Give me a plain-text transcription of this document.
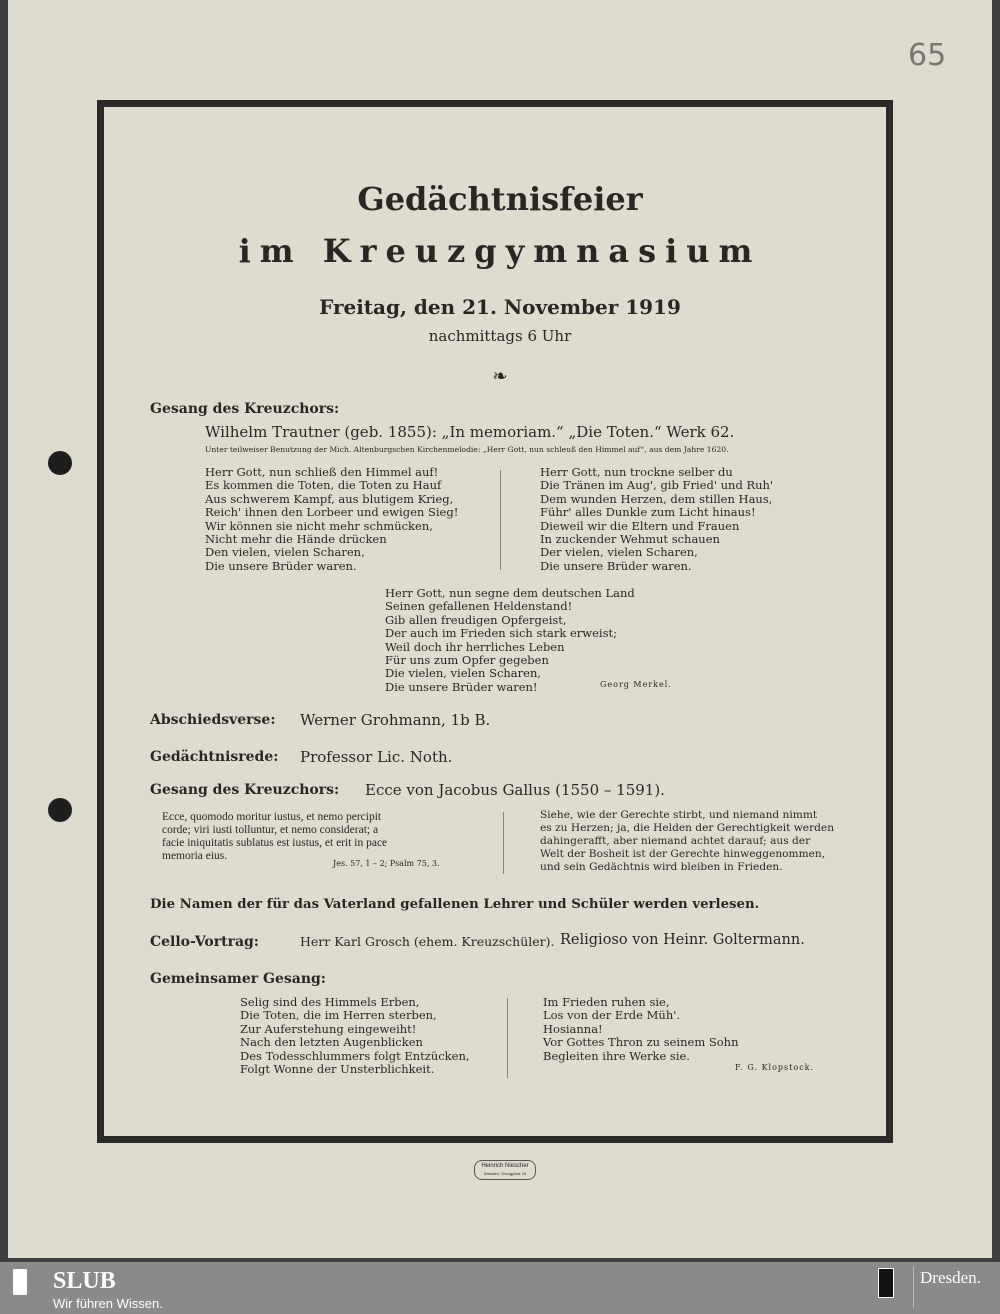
65
Gedächtnisfeier
im Kreuzgymnasium
Freitag, den 21. November 1919
nachmittags 6 Uhr
❧
Gesang des Kreuzchors:
Wilhelm Trautner (geb. 1855): „In memoriam.“ „Die Toten.“ Werk 62.
Unter teilweiser Benutzung der Mich. Altenburgschen Kirchenmelodie: „Herr Gott, nun schleuß den Himmel auf“, aus dem Jahre 1620.
Herr Gott, nun schließ den Himmel auf!
Es kommen die Toten, die Toten zu Hauf
Aus schwerem Kampf, aus blutigem Krieg,
Reich' ihnen den Lorbeer und ewigen Sieg!
Wir können sie nicht mehr schmücken,
Nicht mehr die Hände drücken
Den vielen, vielen Scharen,
Die unsere Brüder waren.
Herr Gott, nun trockne selber du
Die Tränen im Aug', gib Fried' und Ruh'
Dem wunden Herzen, dem stillen Haus,
Führ' alles Dunkle zum Licht hinaus!
Dieweil wir die Eltern und Frauen
In zuckender Wehmut schauen
Der vielen, vielen Scharen,
Die unsere Brüder waren.
Herr Gott, nun segne dem deutschen Land
Seinen gefallenen Heldenstand!
Gib allen freudigen Opfergeist,
Der auch im Frieden sich stark erweist;
Weil doch ihr herrliches Leben
Für uns zum Opfer gegeben
Die vielen, vielen Scharen,
Die unsere Brüder waren!	Georg Merkel.
Abschiedsverse: Werner Grohmann, 1b B.
Gedächtnisrede: Professor Lic. Noth.
Gesang des Kreuzchors: Ecce von Jacobus Gallus (1550 – 1591).
Ecce, quomodo moritur iustus, et nemo percipit
corde; viri iusti tolluntur, et nemo considerat; a
facie iniquitatis sublatus est iustus, et erit in pace
memoria eius.
Jes. 57, 1 – 2; Psalm 75, 3.
Siehe, wie der Gerechte stirbt, und niemand nimmt
es zu Herzen; ja, die Helden der Gerechtigkeit werden
dahingerafft, aber niemand achtet darauf; aus der
Welt der Bosheit ist der Gerechte hinweggenommen,
und sein Gedächtnis wird bleiben in Frieden.
Die Namen der für das Vaterland gefallenen Lehrer und Schüler werden verlesen.
Cello-Vortrag:	Herr Karl Grosch (ehem. Kreuzschüler). Religioso von Heinr. Goltermann.
Gemeinsamer Gesang:
Selig sind des Himmels Erben,
Die Toten, die im Herren sterben,
Zur Auferstehung eingeweiht!
Nach den letzten Augenblicken
Des Todesschlummers folgt Entzücken,
Folgt Wonne der Unsterblichkeit.
Im Frieden ruhen sie,
Los von der Erde Müh'.
Hosianna!
Vor Gottes Thron zu seinem Sohn
Begleiten ihre Werke sie.
F. G. Klopstock.
Heinrich Niescher
Dresden, Georgplatz 15
SLUB
Wir führen Wissen.
Dresden.
